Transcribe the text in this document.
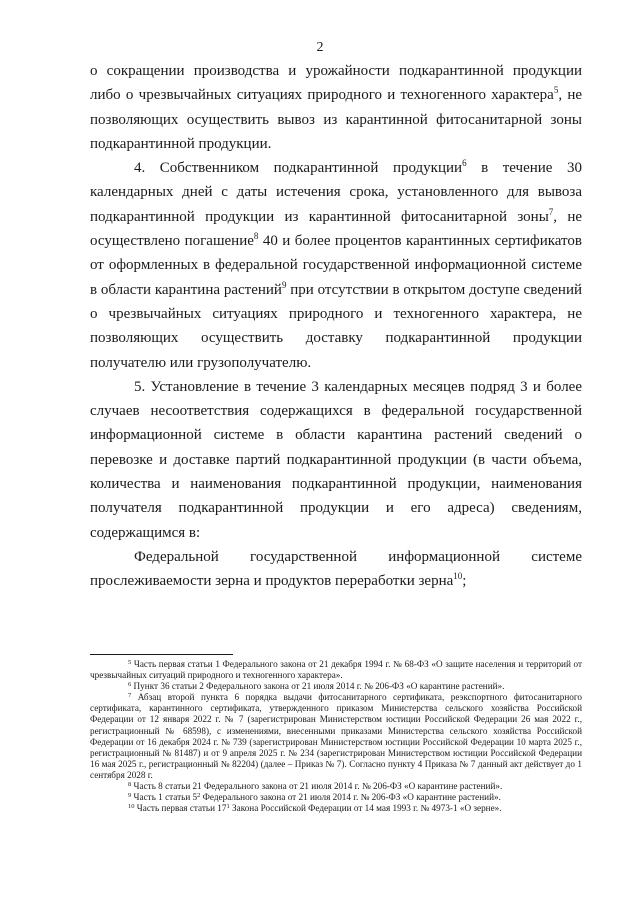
2

о сокращении производства и урожайности подкарантинной продукции либо о чрезвычайных ситуациях природного и техногенного характера$^5$, не позволяющих осуществить вывоз из карантинной фитосанитарной зоны подкарантинной продукции.

4. Собственником подкарантинной продукции$^6$ в течение 30 календарных дней с даты истечения срока, установленного для вывоза подкарантинной продукции из карантинной фитосанитарной зоны$^7$, не осуществлено погашение$^8$ 40 и более процентов карантинных сертификатов от оформленных в федеральной государственной информационной системе в области карантина растений$^9$ при отсутствии в открытом доступе сведений о чрезвычайных ситуациях природного и техногенного характера, не позволяющих осуществить доставку подкарантинной продукции получателю или грузополучателю.

5. Установление в течение 3 календарных месяцев подряд 3 и более случаев несоответствия содержащихся в федеральной государственной информационной системе в области карантина растений сведений о перевозке и доставке партий подкарантинной продукции (в части объема, количества и наименования подкарантинной продукции, наименования получателя подкарантинной продукции и его адреса) сведениям, содержащимся в:

Федеральной государственной информационной системе прослеживаемости зерна и продуктов переработки зерна$^{10}$;

$^5$ Часть первая статьи 1 Федерального закона от 21 декабря 1994 г. № 68-ФЗ «О защите населения и территорий от чрезвычайных ситуаций природного и техногенного характера».

$^6$ Пункт 36 статьи 2 Федерального закона от 21 июля 2014 г. № 206-ФЗ «О карантине растений».

$^7$ Абзац второй пункта 6 порядка выдачи фитосанитарного сертификата, реэкспортного фитосанитарного сертификата, карантинного сертификата, утвержденного приказом Министерства сельского хозяйства Российской Федерации от 12 января 2022 г. № 7 (зарегистрирован Министерством юстиции Российской Федерации 26 мая 2022 г., регистрационный № 68598), с изменениями, внесенными приказами Министерства сельского хозяйства Российской Федерации от 16 декабря 2024 г. № 739 (зарегистрирован Министерством юстиции Российской Федерации 10 марта 2025 г., регистрационный № 81487) и от 9 апреля 2025 г. № 234 (зарегистрирован Министерством юстиции Российской Федерации 16 мая 2025 г., регистрационный № 82204) (далее – Приказ № 7). Согласно пункту 4 Приказа № 7 данный акт действует до 1 сентября 2028 г.

$^8$ Часть 8 статьи 21 Федерального закона от 21 июля 2014 г. № 206-ФЗ «О карантине растений».

$^9$ Часть 1 статьи $5^2$ Федерального закона от 21 июля 2014 г. № 206-ФЗ «О карантине растений».

$^{10}$ Часть первая статьи $17^1$ Закона Российской Федерации от 14 мая 1993 г. № 4973-1 «О зерне».
